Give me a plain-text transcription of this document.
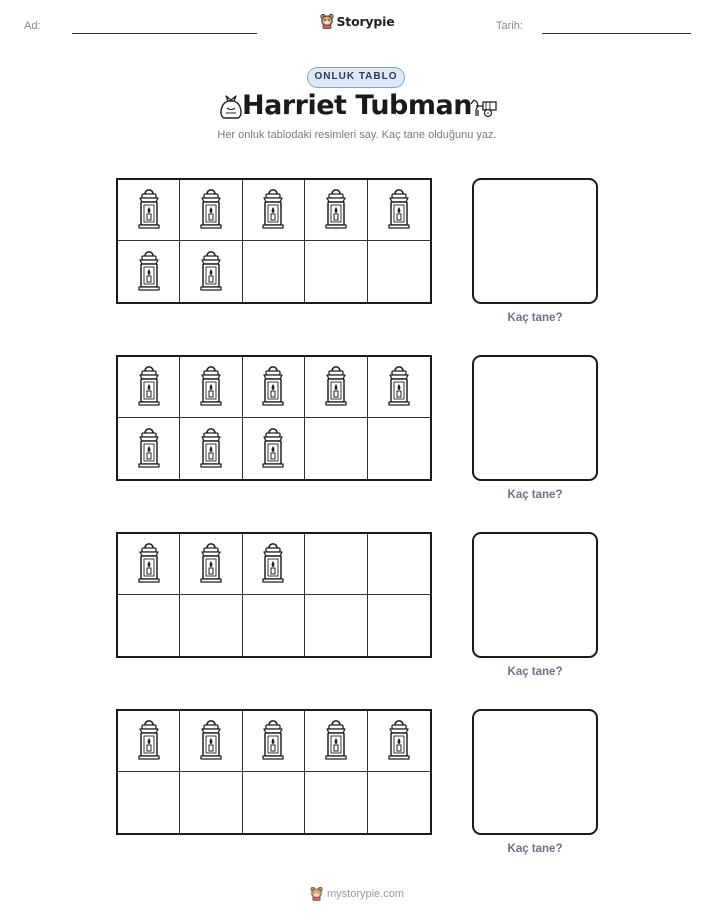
Ad:	Storypie	Tarih:
ONLUK TABLO
Harriet Tubman
Her onluk tablodaki resimleri say. Kaç tane olduğunu yaz.
Kaç tane?
Kaç tane?
Kaç tane?
Kaç tane?
mystorypie.com
